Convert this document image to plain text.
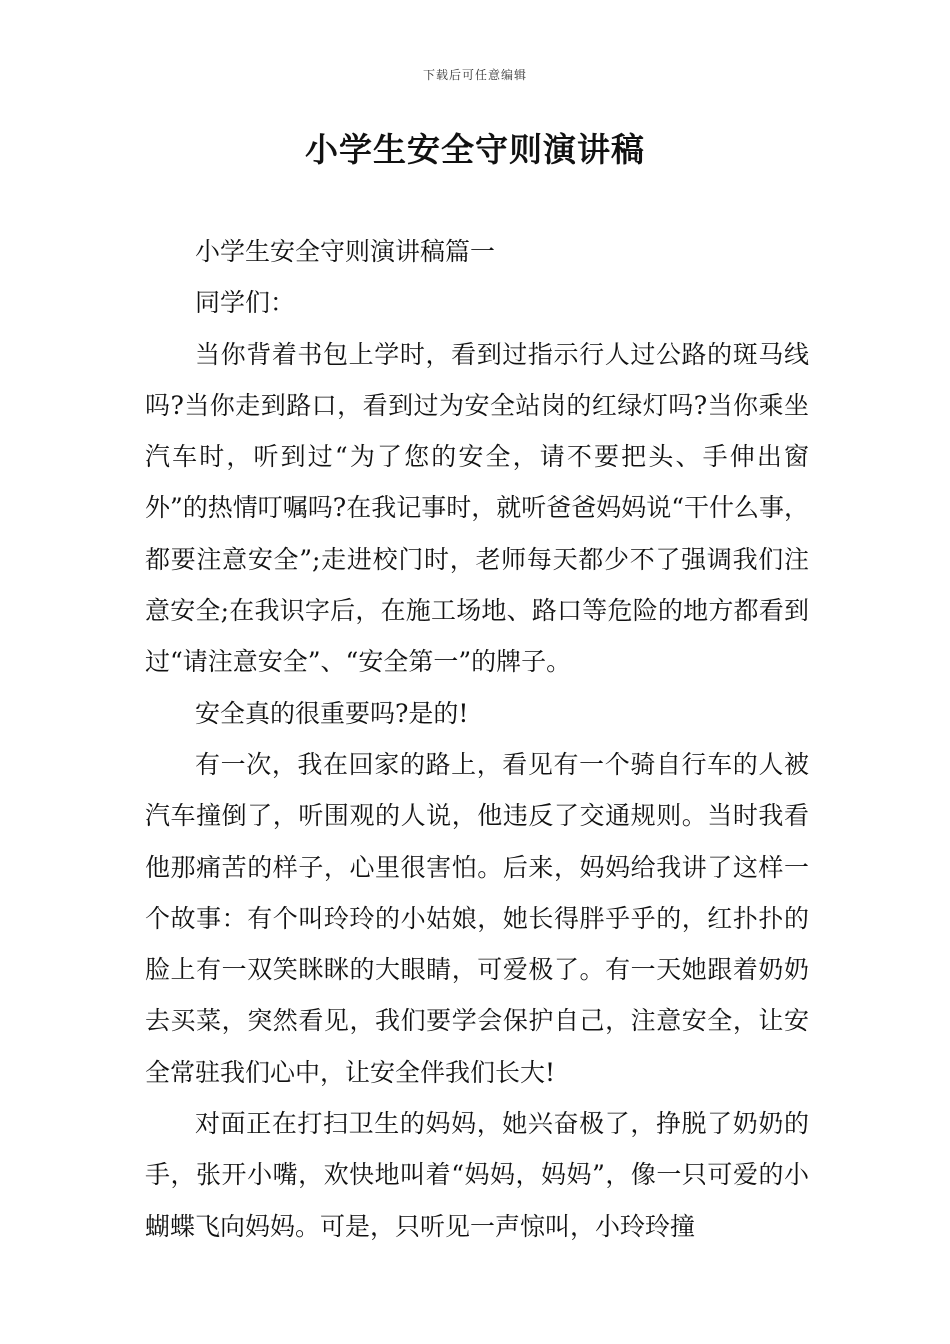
下载后可任意编辑
小学生安全守则演讲稿

小学生安全守则演讲稿篇一

同学们：

当你背着书包上学时，看到过指示行人过公路的斑马线吗?当你走到路口，看到过为安全站岗的红绿灯吗?当你乘坐汽车时，听到过“为了您的安全，请不要把头、手伸出窗外”的热情叮嘱吗?在我记事时，就听爸爸妈妈说“干什么事，都要注意安全”;走进校门时，老师每天都少不了强调我们注意安全;在我识字后，在施工场地、路口等危险的地方都看到过“请注意安全”、“安全第一”的牌子。

安全真的很重要吗?是的!

有一次，我在回家的路上，看见有一个骑自行车的人被汽车撞倒了，听围观的人说，他违反了交通规则。当时我看他那痛苦的样子，心里很害怕。后来，妈妈给我讲了这样一个故事：有个叫玲玲的小姑娘，她长得胖乎乎的，红扑扑的脸上有一双笑眯眯的大眼睛，可爱极了。有一天她跟着奶奶去买菜，突然看见，我们要学会保护自己，注意安全，让安全常驻我们心中，让安全伴我们长大!

对面正在打扫卫生的妈妈，她兴奋极了，挣脱了奶奶的手，张开小嘴，欢快地叫着“妈妈，妈妈”，像一只可爱的小蝴蝶飞向妈妈。可是，只听见一声惊叫，小玲玲撞
